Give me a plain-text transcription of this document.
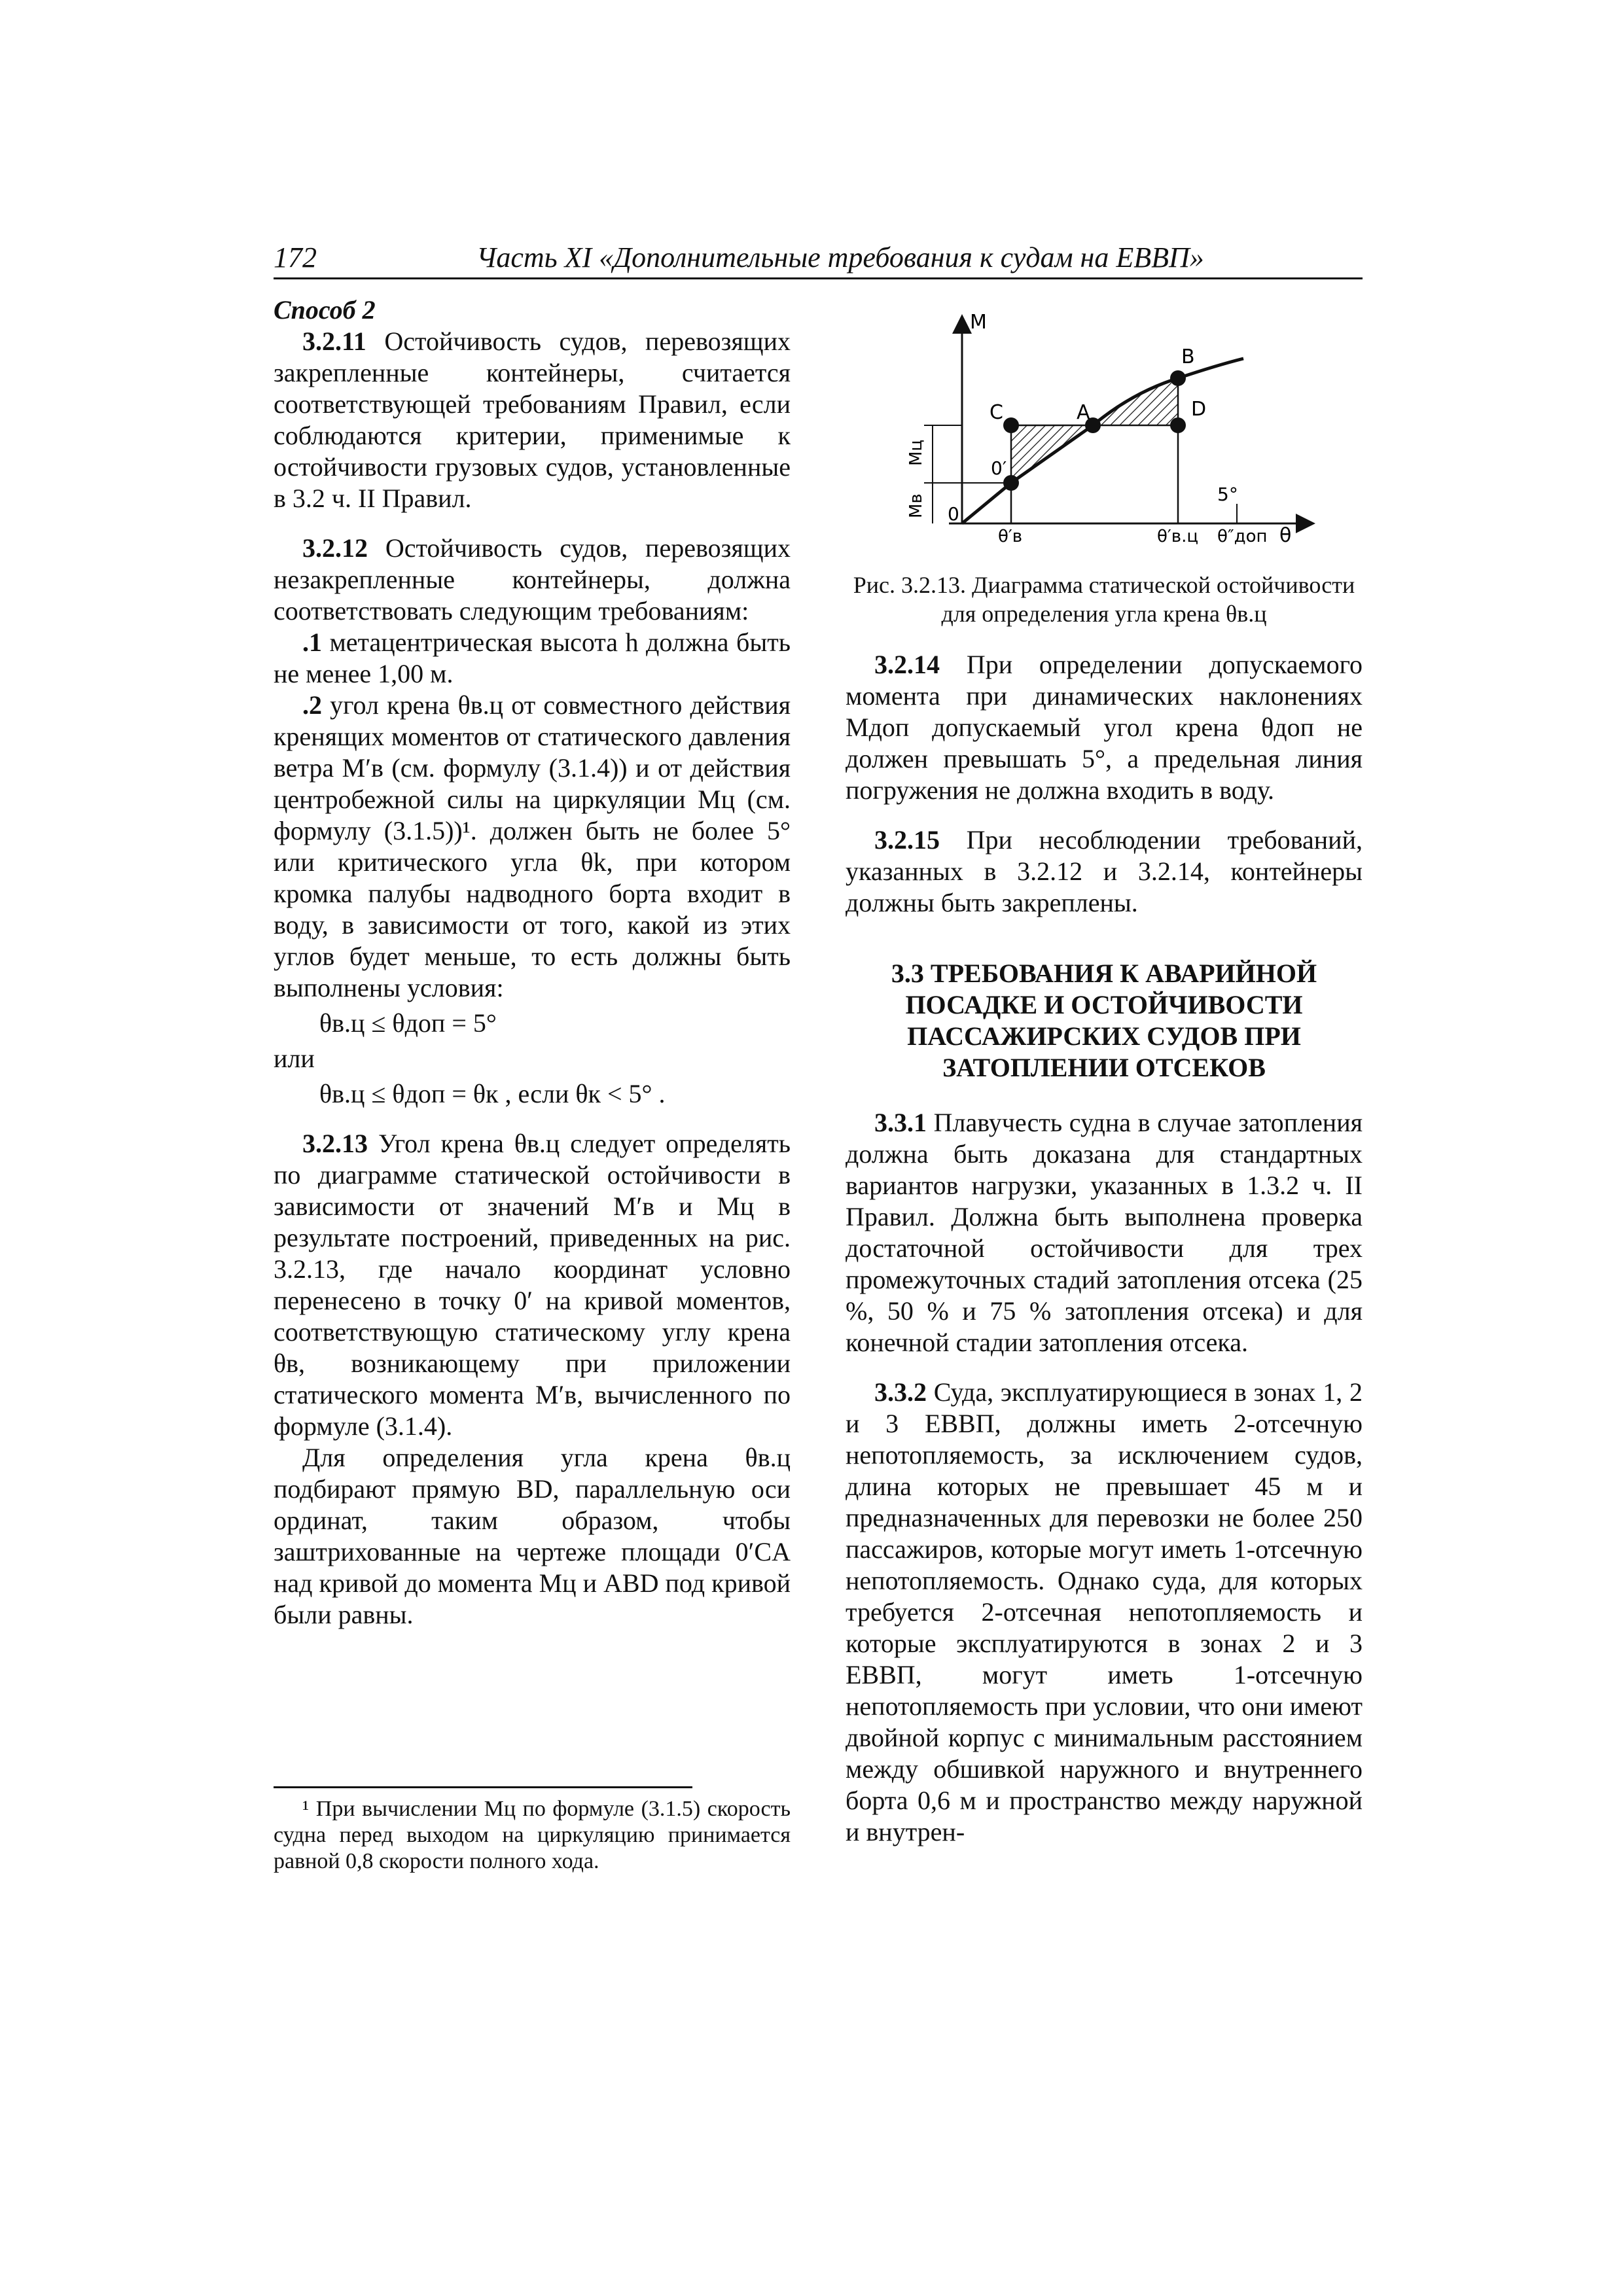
172	Часть XI «Дополнительные требования к судам на ЕВВП»

Способ 2

3.2.11 Остойчивость судов, перевозящих закрепленные контейнеры, считается соответствующей требованиям Правил, если соблюдаются критерии, применимые к остойчивости грузовых судов, установленные в 3.2 ч. II Правил.

3.2.12 Остойчивость судов, перевозящих незакрепленные контейнеры, должна соответствовать следующим требованиям:

.1 метацентрическая высота h должна быть не менее 1,00 м.

.2 угол крена θв.ц от совместного действия кренящих моментов от статического давления ветра M′в (см. формулу (3.1.4)) и от действия центробежной силы на циркуляции Mц (см. формулу (3.1.5))¹. должен быть не более 5° или критического угла θk, при котором кромка палубы надводного борта входит в воду, в зависимости от того, какой из этих углов будет меньше, то есть должны быть выполнены условия:

θв.ц ≤ θдоп = 5°

или

θв.ц ≤ θдоп = θк , если θк < 5° .

3.2.13 Угол крена θв.ц следует определять по диаграмме статической остойчивости в зависимости от значений M′в и Mц в результате построений, приведенных на рис. 3.2.13, где начало координат условно перенесено в точку 0′ на кривой моментов, соответствующую статическому углу крена θв, возникающему при приложении статического момента M′в, вычисленного по формуле (3.1.4).

Для определения угла крена θв.ц подбирают прямую BD, параллельную оси ординат, таким образом, чтобы заштрихованные на чертеже площади 0′CA над кривой до момента Mц и ABD под кривой были равны.

¹ При вычислении Mц по формуле (3.1.5) скорость судна перед выходом на циркуляцию принимается равной 0,8 скорости полного хода.

M
B
C	A	D
0′
0
5°
θ′в	θ′в.ц θ″доп θ
Mц
Mв

Рис. 3.2.13. Диаграмма статической остойчивости для определения угла крена θв.ц

3.2.14 При определении допускаемого момента при динамических наклонениях Mдоп допускаемый угол крена θдоп не должен превышать 5°, а предельная линия погружения не должна входить в воду.

3.2.15 При несоблюдении требований, указанных в 3.2.12 и 3.2.14, контейнеры должны быть закреплены.

3.3 ТРЕБОВАНИЯ К АВАРИЙНОЙ ПОСАДКЕ И ОСТОЙЧИВОСТИ ПАССАЖИРСКИХ СУДОВ ПРИ ЗАТОПЛЕНИИ ОТСЕКОВ

3.3.1 Плавучесть судна в случае затопления должна быть доказана для стандартных вариантов нагрузки, указанных в 1.3.2 ч. II Правил. Должна быть выполнена проверка достаточной остойчивости для трех промежуточных стадий затопления отсека (25 %, 50 % и 75 % затопления отсека) и для конечной стадии затопления отсека.

3.3.2 Суда, эксплуатирующиеся в зонах 1, 2 и 3 ЕВВП, должны иметь 2-отсечную непотопляемость, за исключением судов, длина которых не превышает 45 м и предназначенных для перевозки не более 250 пассажиров, которые могут иметь 1-отсечную непотопляемость. Однако суда, для которых требуется 2-отсечная непотопляемость и которые эксплуатируются в зонах 2 и 3 ЕВВП, могут иметь 1-отсечную непотопляемость при условии, что они имеют двойной корпус с минимальным расстоянием между обшивкой наружного и внутреннего борта 0,6 м и пространство между наружной и внутрен-
